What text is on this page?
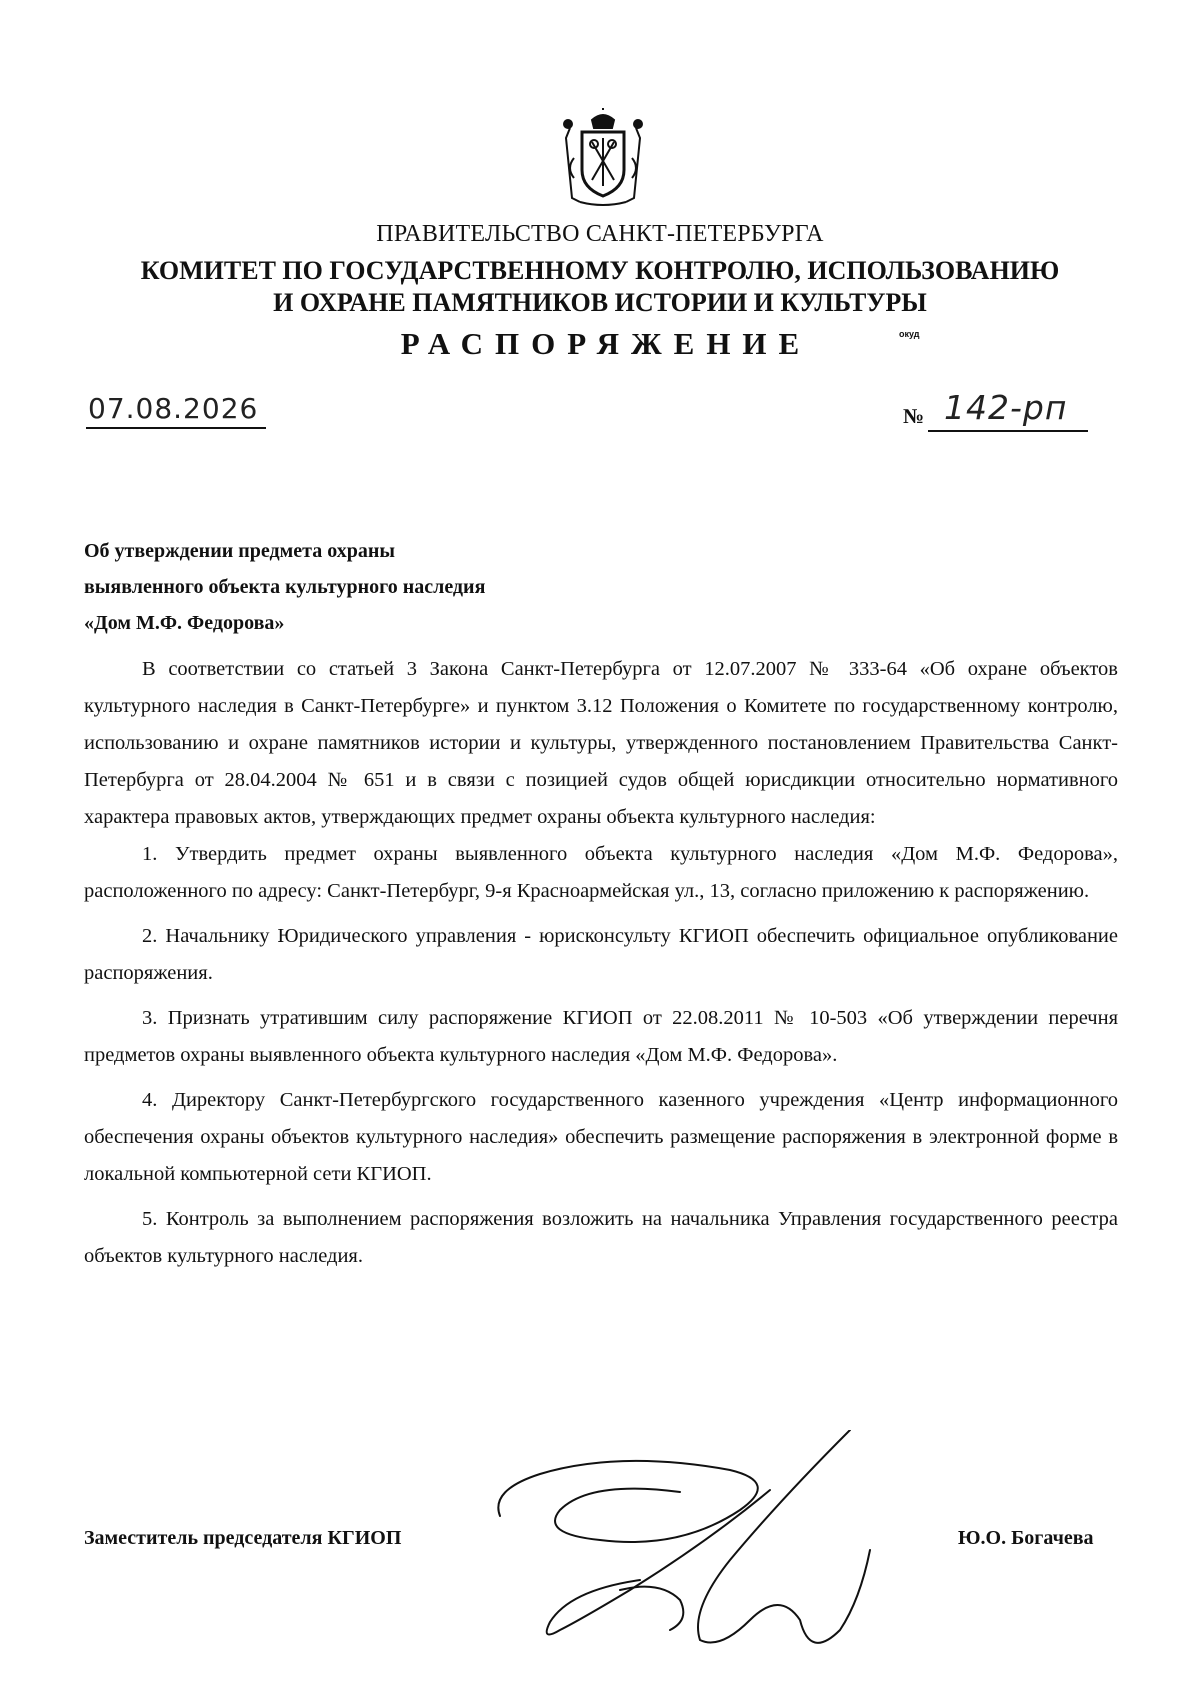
ПРАВИТЕЛЬСТВО САНКТ-ПЕТЕРБУРГА
КОМИТЕТ ПО ГОСУДАРСТВЕННОМУ КОНТРОЛЮ, ИСПОЛЬЗОВАНИЮ
И ОХРАНЕ ПАМЯТНИКОВ ИСТОРИИ И КУЛЬТУРЫ
окуд
РАСПОРЯЖЕНИЕ
07.08.2026	№ 142-рп
Об утверждении предмета охраны
выявленного объекта культурного наследия
«Дом М.Ф. Федорова»

В соответствии со статьей 3 Закона Санкт-Петербурга от 12.07.2007 № 333-64 «Об охране объектов культурного наследия в Санкт-Петербурге» и пунктом 3.12 Положения о Комитете по государственному контролю, использованию и охране памятников истории и культуры, утвержденного постановлением Правительства Санкт-Петербурга от 28.04.2004 № 651 и в связи с позицией судов общей юрисдикции относительно нормативного характера правовых актов, утверждающих предмет охраны объекта культурного наследия:

1. Утвердить предмет охраны выявленного объекта культурного наследия «Дом М.Ф. Федорова», расположенного по адресу: Санкт-Петербург, 9-я Красноармейская ул., 13, согласно приложению к распоряжению.

2. Начальнику Юридического управления - юрисконсульту КГИОП обеспечить официальное опубликование распоряжения.

3. Признать утратившим силу распоряжение КГИОП от 22.08.2011 № 10-503 «Об утверждении перечня предметов охраны выявленного объекта культурного наследия «Дом М.Ф. Федорова».

4. Директору Санкт-Петербургского государственного казенного учреждения «Центр информационного обеспечения охраны объектов культурного наследия» обеспечить размещение распоряжения в электронной форме в локальной компьютерной сети КГИОП.

5. Контроль за выполнением распоряжения возложить на начальника Управления государственного реестра объектов культурного наследия.

Заместитель председателя КГИОП	Ю.О. Богачева
